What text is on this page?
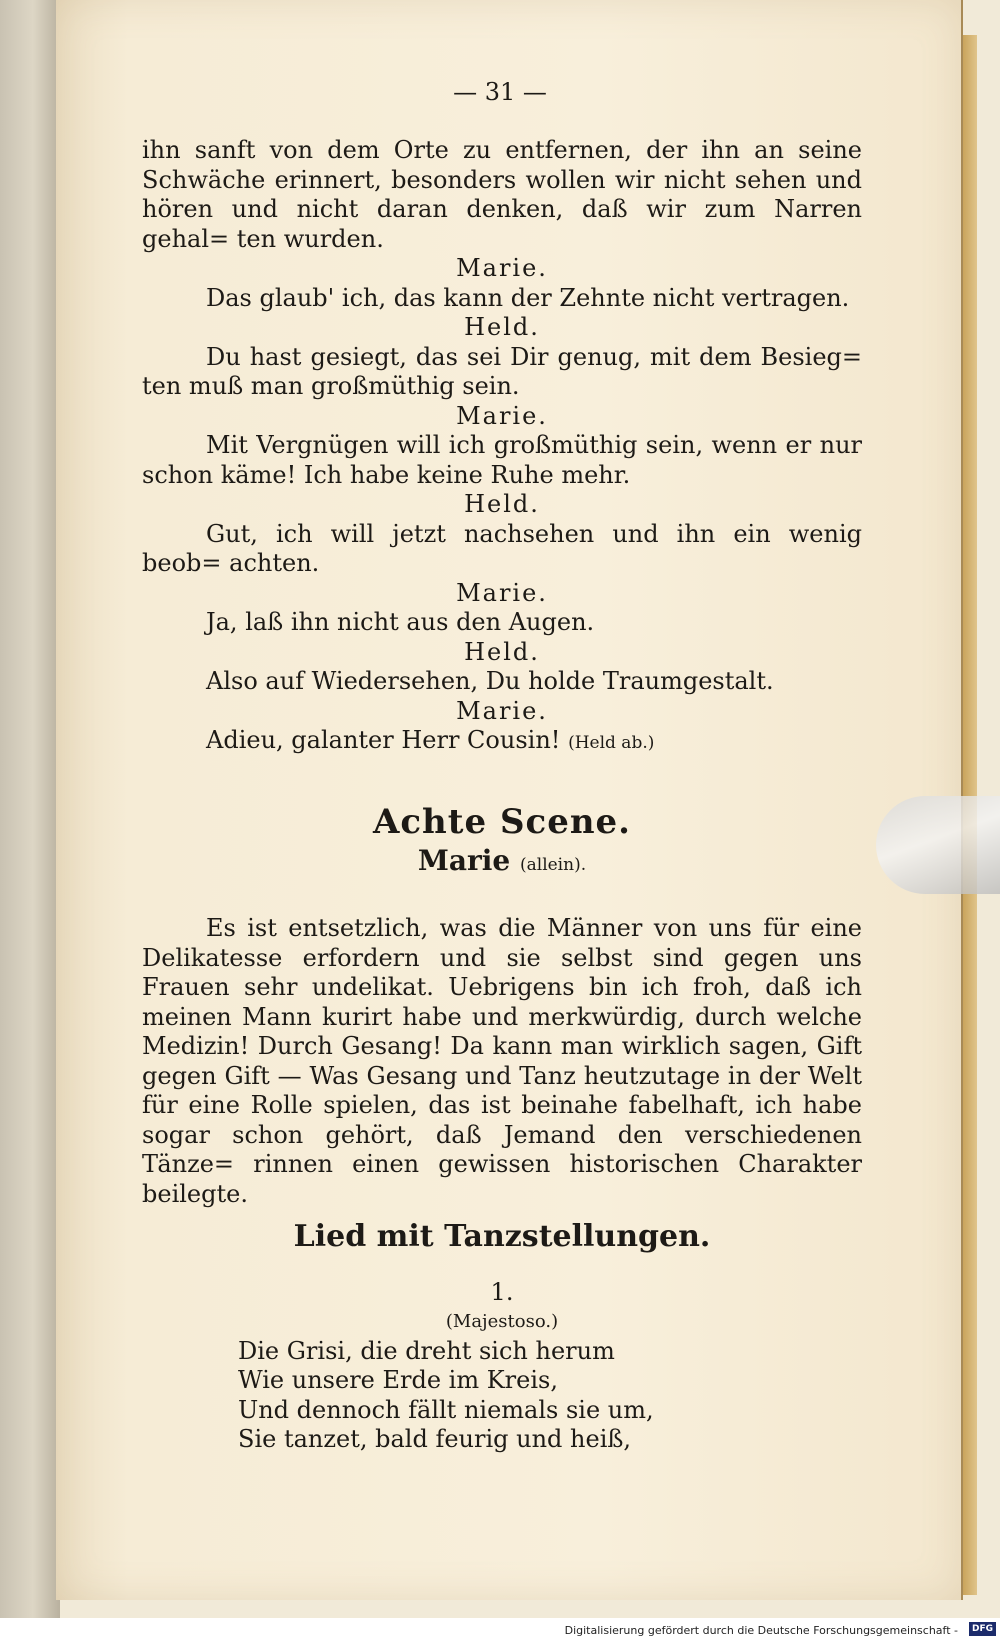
— 31 —

ihn sanft von dem Orte zu entfernen, der ihn an seine Schwäche erinnert, besonders wollen wir nicht sehen und hören und nicht daran denken, daß wir zum Narren gehal= ten wurden.

Marie.

Das glaub' ich, das kann der Zehnte nicht vertragen.

Held.

Du hast gesiegt, das sei Dir genug, mit dem Besieg= ten muß man großmüthig sein.

Marie.

Mit Vergnügen will ich großmüthig sein, wenn er nur schon käme! Ich habe keine Ruhe mehr.

Held.

Gut, ich will jetzt nachsehen und ihn ein wenig beob= achten.

Marie.

Ja, laß ihn nicht aus den Augen.

Held.

Also auf Wiedersehen, Du holde Traumgestalt.

Marie.

Adieu, galanter Herr Cousin! (Held ab.)

Achte Scene.

Marie (allein).

Es ist entsetzlich, was die Männer von uns für eine Delikatesse erfordern und sie selbst sind gegen uns Frauen sehr undelikat. Uebrigens bin ich froh, daß ich meinen Mann kurirt habe und merkwürdig, durch welche Medizin! Durch Gesang! Da kann man wirklich sagen, Gift gegen Gift — Was Gesang und Tanz heutzutage in der Welt für eine Rolle spielen, das ist beinahe fabelhaft, ich habe sogar schon gehört, daß Jemand den verschiedenen Tänze= rinnen einen gewissen historischen Charakter beilegte.

Lied mit Tanzstellungen.

1.

(Majestoso.)

Die Grisi, die dreht sich herum

Wie unsere Erde im Kreis,

Und dennoch fällt niemals sie um,

Sie tanzet, bald feurig und heiß,

Digitalisierung gefördert durch die Deutsche Forschungsgemeinschaft -	DFG
